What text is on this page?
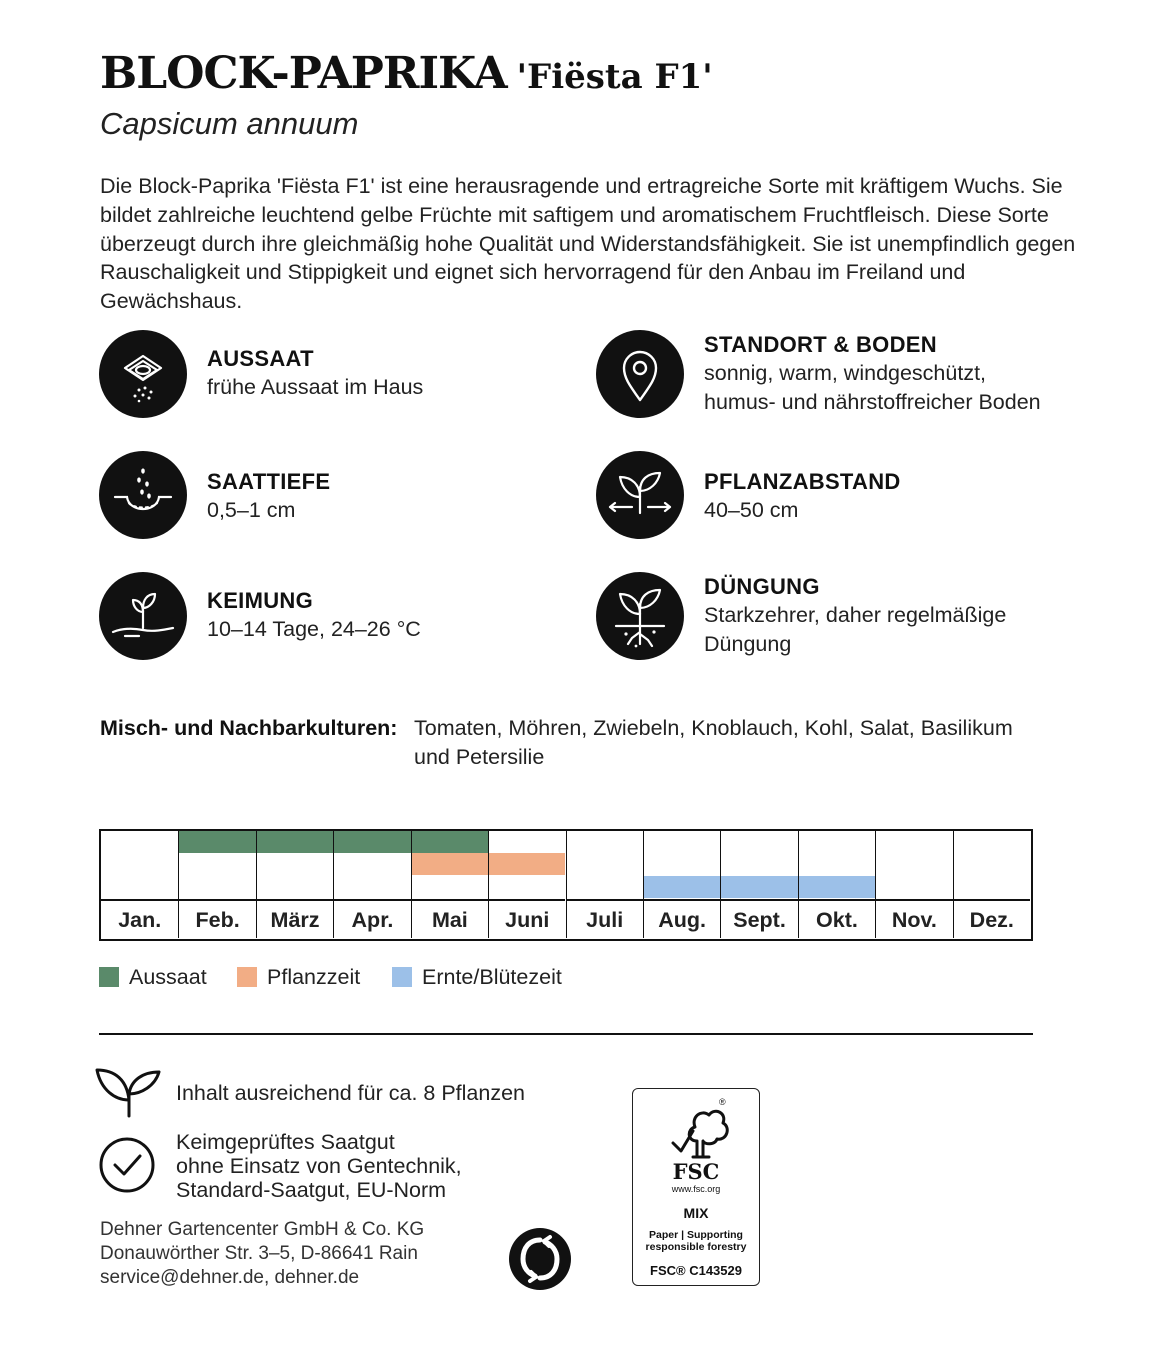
BLOCK-PAPRIKA 'Fiësta F1'
Capsicum annuum
Die Block-Paprika 'Fiësta F1' ist eine herausragende und ertragreiche Sorte mit kräftigem Wuchs. Sie bildet zahlreiche leuchtend gelbe Früchte mit saftigem und aromatischem Fruchtfleisch. Diese Sorte überzeugt durch ihre gleichmäßig hohe Qualität und Widerstandsfähigkeit. Sie ist unempfindlich gegen Rauschaligkeit und Stippigkeit und eignet sich hervorragend für den Anbau im Freiland und Gewächshaus.
AUSSAAT
frühe Aussaat im Haus
STANDORT & BODEN
sonnig, warm, windgeschützt,
humus- und nährstoffreicher Boden
SAATTIEFE
0,5–1 cm
PFLANZABSTAND
40–50 cm
KEIMUNG
10–14 Tage, 24–26 °C
DÜNGUNG
Starkzehrer, daher regelmäßige
Düngung
Misch- und Nachbarkulturen: Tomaten, Möhren, Zwiebeln, Knoblauch, Kohl, Salat, Basilikum und Petersilie
Jan.	Feb.	März	Apr.	Mai	Juni	Juli	Aug.	Sept.	Okt.	Nov.	Dez.
Aussaat	Pflanzzeit	Ernte/Blütezeit
Inhalt ausreichend für ca. 8 Pflanzen
Keimgeprüftes Saatgut
ohne Einsatz von Gentechnik,
Standard-Saatgut, EU-Norm
Dehner Gartencenter GmbH & Co. KG
Donauwörther Str. 3–5, D-86641 Rain
service@dehner.de, dehner.de
®
FSC
www.fsc.org
MIX
Paper | Supporting
responsible forestry
FSC® C143529
